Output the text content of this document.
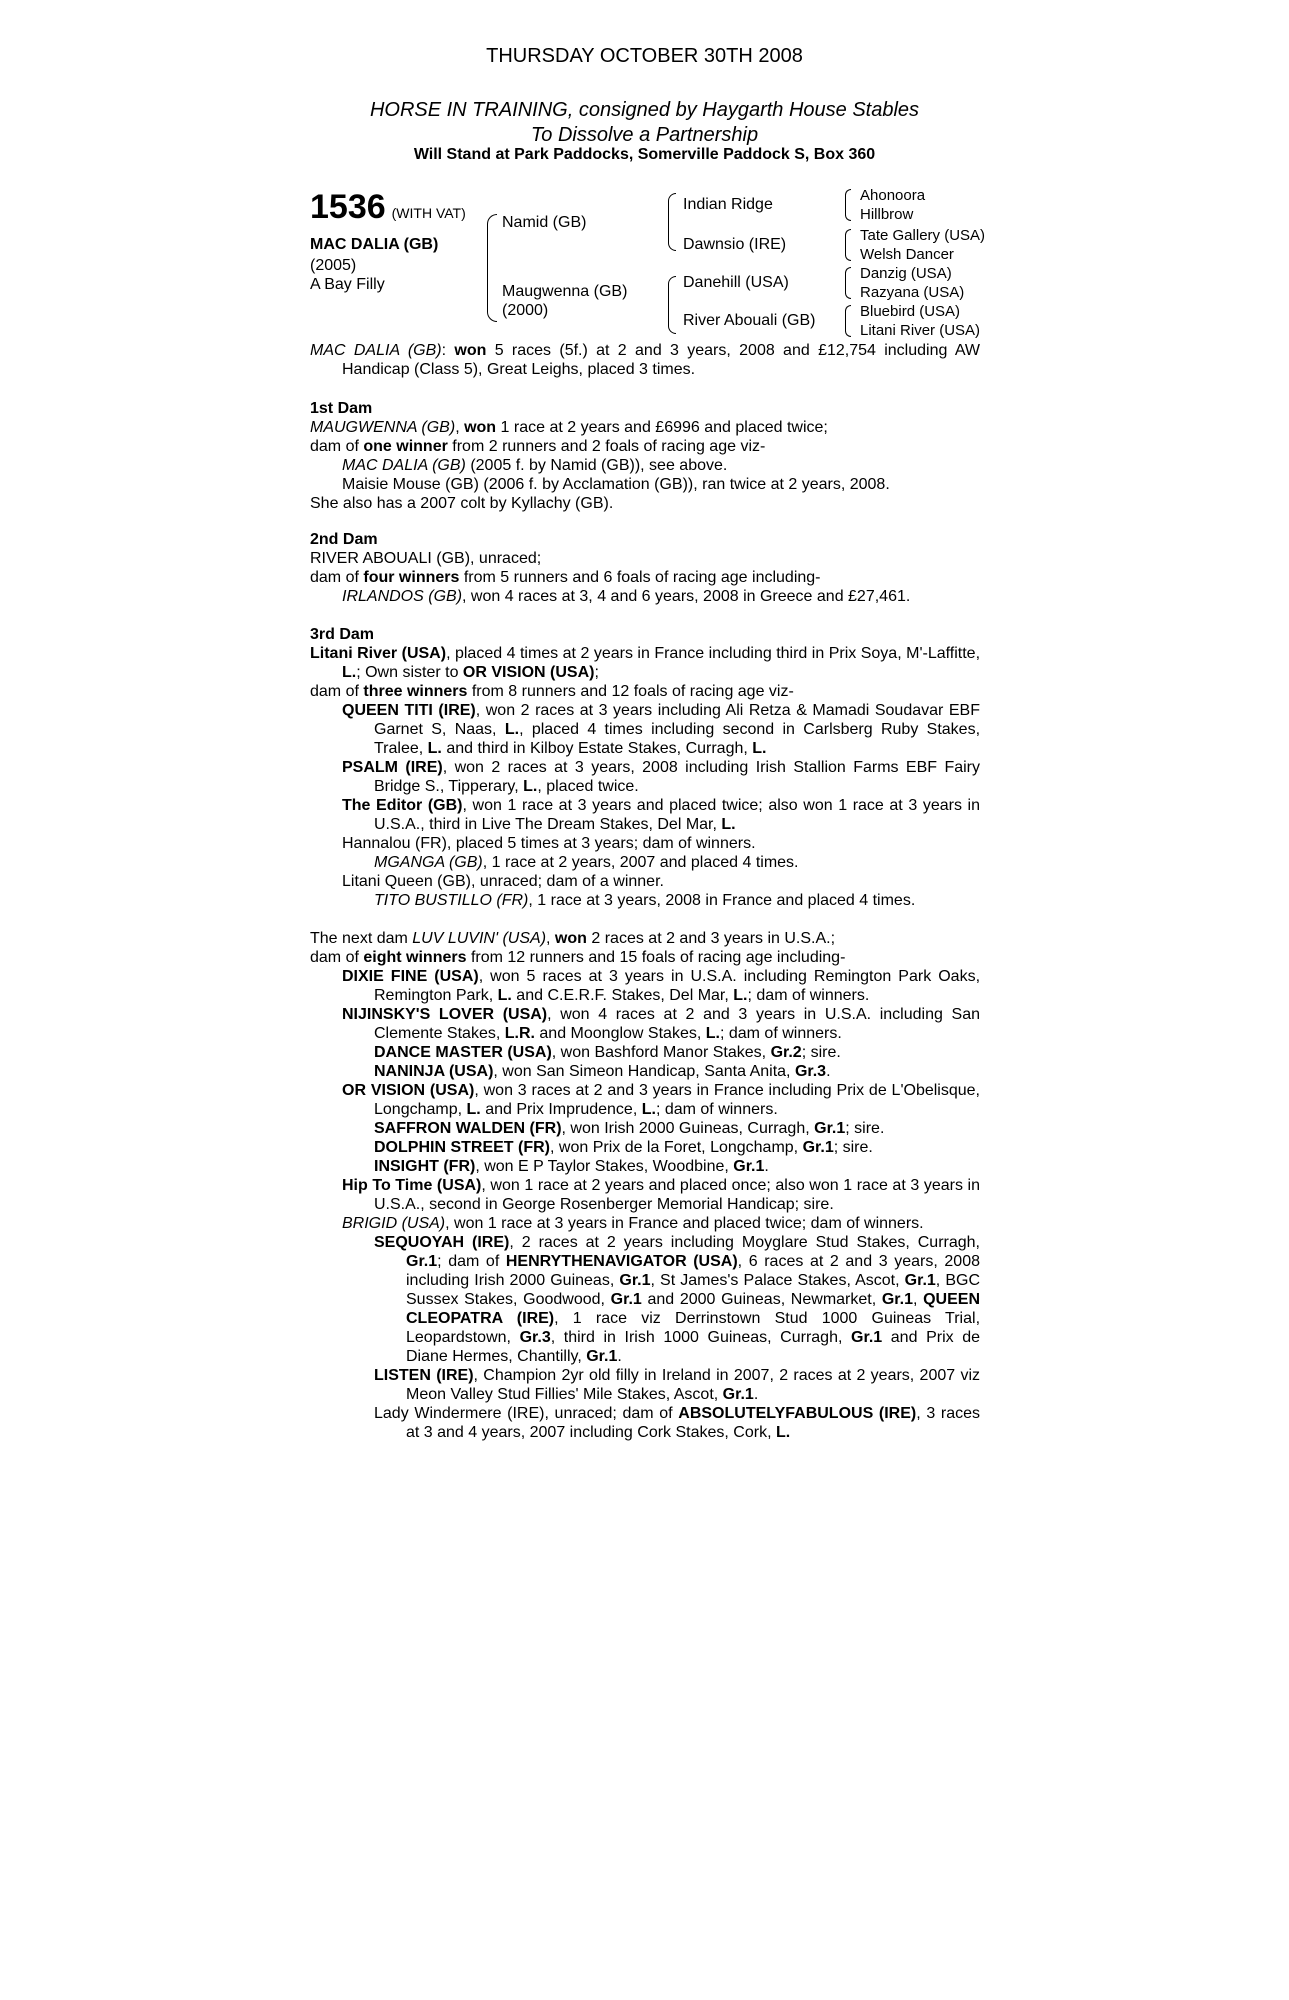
THURSDAY OCTOBER 30TH 2008
HORSE IN TRAINING, consigned by Haygarth House Stables
To Dissolve a Partnership
Will Stand at Park Paddocks, Somerville Paddock S, Box 360
1536 (WITH VAT)
MAC DALIA (GB)
(2005)
A Bay Filly
Namid (GB)
Maugwenna (GB)
(2000)
Indian Ridge
Dawnsio (IRE)
Danehill (USA)
River Abouali (GB)
Ahonoora
Hillbrow
Tate Gallery (USA)
Welsh Dancer
Danzig (USA)
Razyana (USA)
Bluebird (USA)
Litani River (USA)

MAC DALIA (GB): won 5 races (5f.) at 2 and 3 years, 2008 and £12,754 including AW Handicap (Class 5), Great Leighs, placed 3 times.

1st Dam

MAUGWENNA (GB), won 1 race at 2 years and £6996 and placed twice;

dam of one winner from 2 runners and 2 foals of racing age viz-

MAC DALIA (GB) (2005 f. by Namid (GB)), see above.

Maisie Mouse (GB) (2006 f. by Acclamation (GB)), ran twice at 2 years, 2008.

She also has a 2007 colt by Kyllachy (GB).

2nd Dam

RIVER ABOUALI (GB), unraced;

dam of four winners from 5 runners and 6 foals of racing age including-

IRLANDOS (GB), won 4 races at 3, 4 and 6 years, 2008 in Greece and £27,461.

3rd Dam

Litani River (USA), placed 4 times at 2 years in France including third in Prix Soya, M'-Laffitte, L.; Own sister to OR VISION (USA);

dam of three winners from 8 runners and 12 foals of racing age viz-

QUEEN TITI (IRE), won 2 races at 3 years including Ali Retza & Mamadi Soudavar EBF Garnet S, Naas, L., placed 4 times including second in Carlsberg Ruby Stakes, Tralee, L. and third in Kilboy Estate Stakes, Curragh, L.

PSALM (IRE), won 2 races at 3 years, 2008 including Irish Stallion Farms EBF Fairy Bridge S., Tipperary, L., placed twice.

The Editor (GB), won 1 race at 3 years and placed twice; also won 1 race at 3 years in U.S.A., third in Live The Dream Stakes, Del Mar, L.

Hannalou (FR), placed 5 times at 3 years; dam of winners.

MGANGA (GB), 1 race at 2 years, 2007 and placed 4 times.

Litani Queen (GB), unraced; dam of a winner.

TITO BUSTILLO (FR), 1 race at 3 years, 2008 in France and placed 4 times.

The next dam LUV LUVIN' (USA), won 2 races at 2 and 3 years in U.S.A.;

dam of eight winners from 12 runners and 15 foals of racing age including-

DIXIE FINE (USA), won 5 races at 3 years in U.S.A. including Remington Park Oaks, Remington Park, L. and C.E.R.F. Stakes, Del Mar, L.; dam of winners.

NIJINSKY'S LOVER (USA), won 4 races at 2 and 3 years in U.S.A. including San Clemente Stakes, L.R. and Moonglow Stakes, L.; dam of winners.

DANCE MASTER (USA), won Bashford Manor Stakes, Gr.2; sire.

NANINJA (USA), won San Simeon Handicap, Santa Anita, Gr.3.

OR VISION (USA), won 3 races at 2 and 3 years in France including Prix de L'Obelisque, Longchamp, L. and Prix Imprudence, L.; dam of winners.

SAFFRON WALDEN (FR), won Irish 2000 Guineas, Curragh, Gr.1; sire.

DOLPHIN STREET (FR), won Prix de la Foret, Longchamp, Gr.1; sire.

INSIGHT (FR), won E P Taylor Stakes, Woodbine, Gr.1.

Hip To Time (USA), won 1 race at 2 years and placed once; also won 1 race at 3 years in U.S.A., second in George Rosenberger Memorial Handicap; sire.

BRIGID (USA), won 1 race at 3 years in France and placed twice; dam of winners.

SEQUOYAH (IRE), 2 races at 2 years including Moyglare Stud Stakes, Curragh, Gr.1; dam of HENRYTHENAVIGATOR (USA), 6 races at 2 and 3 years, 2008 including Irish 2000 Guineas, Gr.1, St James's Palace Stakes, Ascot, Gr.1, BGC Sussex Stakes, Goodwood, Gr.1 and 2000 Guineas, Newmarket, Gr.1, QUEEN CLEOPATRA (IRE), 1 race viz Derrinstown Stud 1000 Guineas Trial, Leopardstown, Gr.3, third in Irish 1000 Guineas, Curragh, Gr.1 and Prix de Diane Hermes, Chantilly, Gr.1.

LISTEN (IRE), Champion 2yr old filly in Ireland in 2007, 2 races at 2 years, 2007 viz Meon Valley Stud Fillies' Mile Stakes, Ascot, Gr.1.

Lady Windermere (IRE), unraced; dam of ABSOLUTELYFABULOUS (IRE), 3 races at 3 and 4 years, 2007 including Cork Stakes, Cork, L.
